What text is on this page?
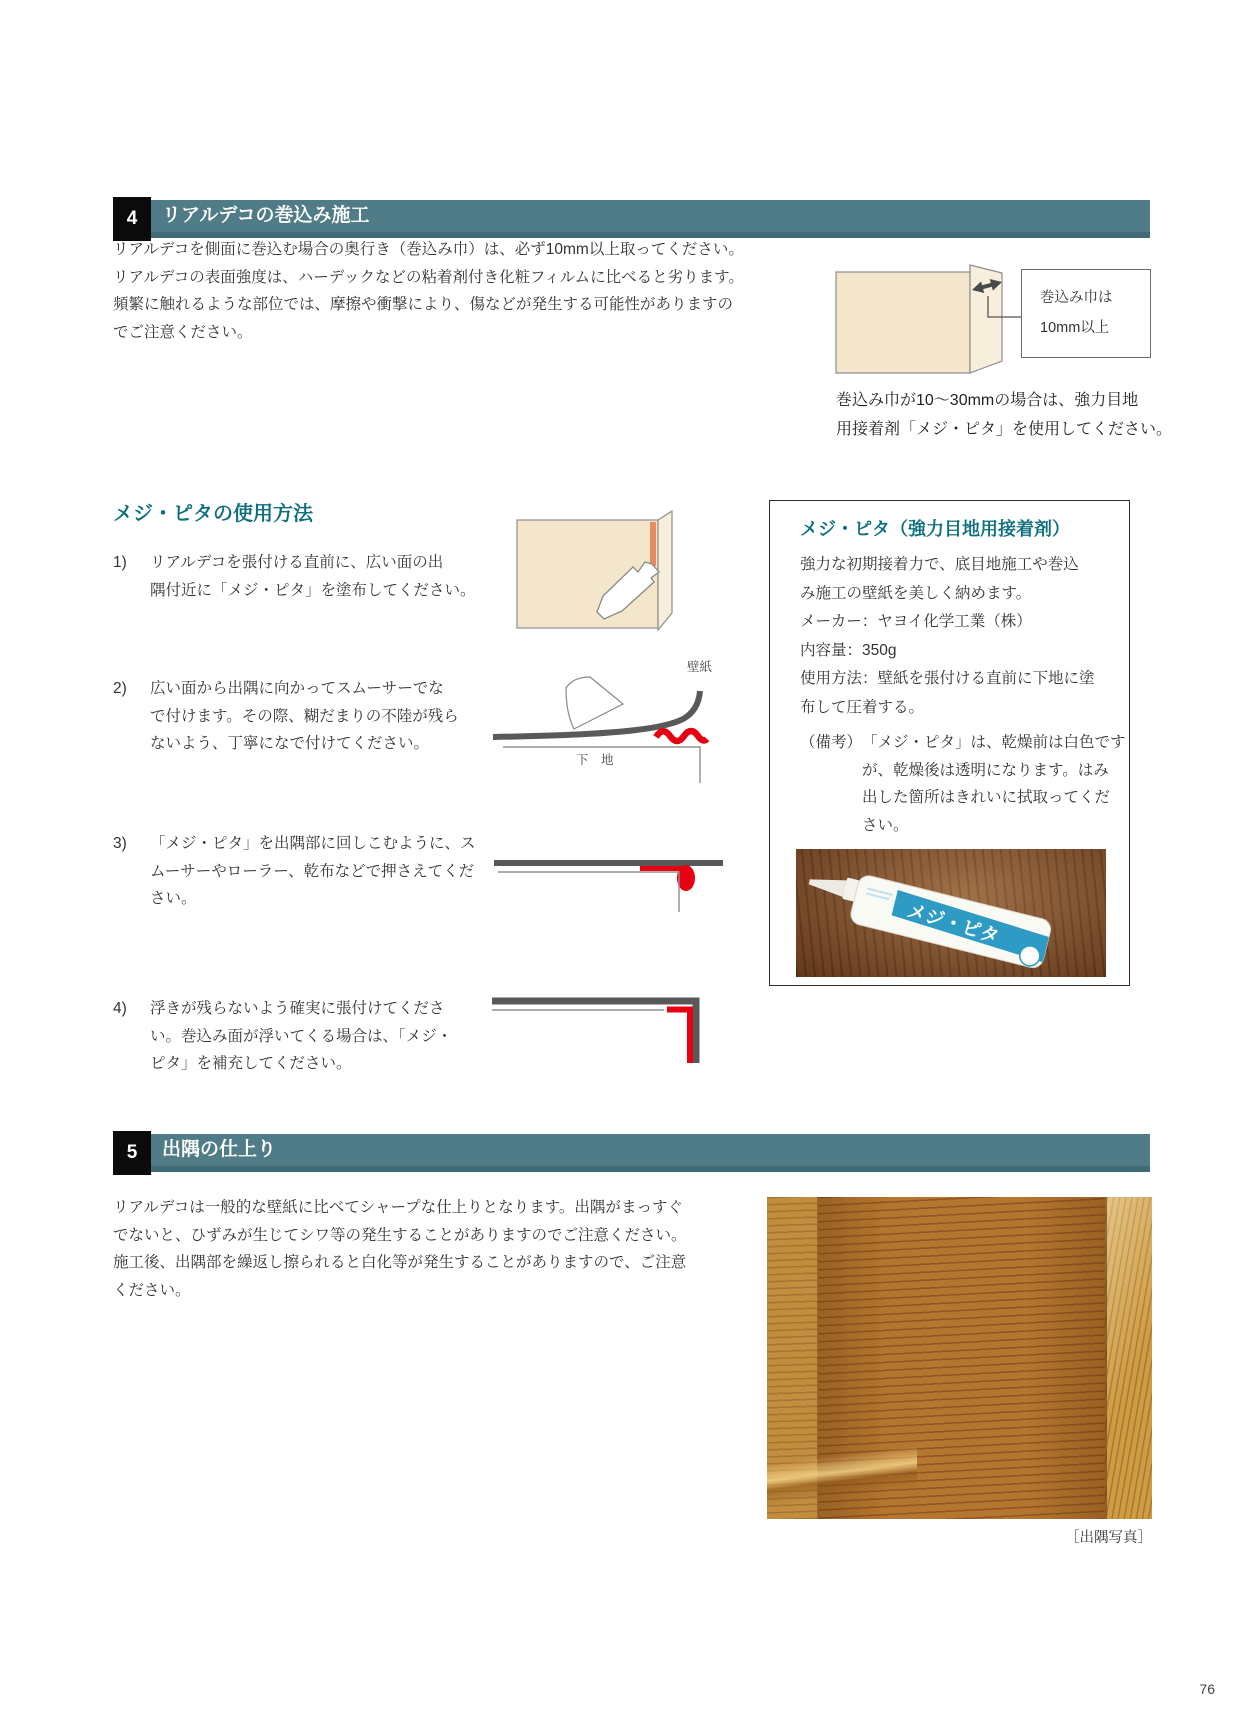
4	リアルデコの巻込み施工
リアルデコを側面に巻込む場合の奥行き（巻込み巾）は、必ず10mm以上取ってください。
リアルデコの表面強度は、ハーデックなどの粘着剤付き化粧フィルムに比べると劣ります。
頻繁に触れるような部位では、摩擦や衝撃により、傷などが発生する可能性がありますの
でご注意ください。
巻込み巾は
10mm以上
巻込み巾が10～30mmの場合は、強力目地
用接着剤「メジ・ピタ」を使用してください。
メジ・ピタの使用方法
1) リアルデコを張付ける直前に、広い面の出
隅付近に「メジ・ピタ」を塗布してください。
2) 広い面から出隅に向かってスムーサーでな
で付けます。その際、糊だまりの不陸が残ら
ないよう、丁寧になで付けてください。
壁紙
下　地
3) 「メジ・ピタ」を出隅部に回しこむように、ス
ムーサーやローラー、乾布などで押さえてくだ
さい。
4) 浮きが残らないよう確実に張付けてくださ
い。巻込み面が浮いてくる場合は、「メジ・
ピタ」を補充してください。
メジ・ピタ（強力目地用接着剤）
強力な初期接着力で、底目地施工や巻込
み施工の壁紙を美しく納めます。
メーカー：ヤヨイ化学工業（株）
内容量：350g
使用方法：壁紙を張付ける直前に下地に塗
布して圧着する。
（備考） 「メジ・ピタ」は、乾燥前は白色です
が、乾燥後は透明になります。はみ
出した箇所はきれいに拭取ってくだ
さい。
メジ・ピタ
5	出隅の仕上り
リアルデコは一般的な壁紙に比べてシャープな仕上りとなります。出隅がまっすぐ
でないと、ひずみが生じてシワ等の発生することがありますのでご注意ください。
施工後、出隅部を繰返し擦られると白化等が発生することがありますので、ご注意
ください。
［出隅写真］
76
